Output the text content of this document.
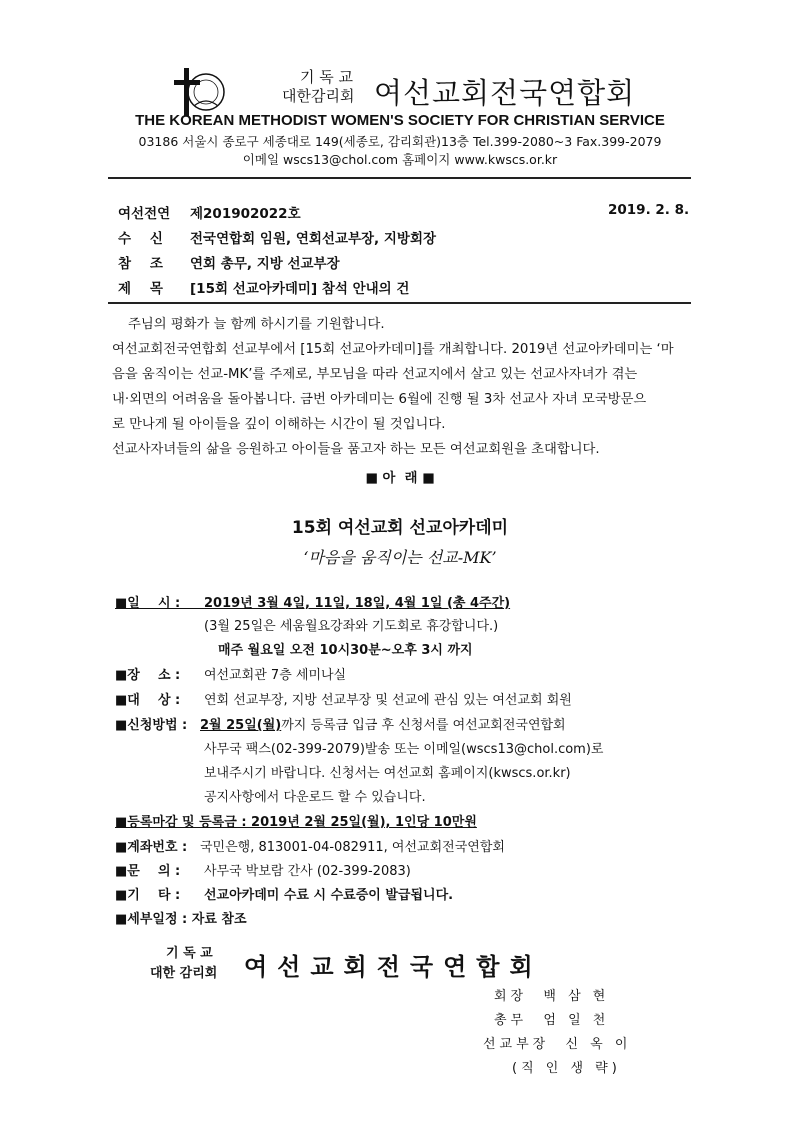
기 독 교
대한감리회 여선교회전국연합회
THE KOREAN METHODIST WOMEN'S SOCIETY FOR CHRISTIAN SERVICE
03186 서울시 종로구 세종대로 149(세종로, 감리회관)13층 Tel.399-2080~3 Fax.399-2079
이메일 wscs13@chol.com 홈페이지 www.kwscs.or.kr
여선전연 제201902022호	2019. 2. 8.
수    신 전국연합회 임원, 연회선교부장, 지방회장
참    조 연회 총무, 지방 선교부장
제    목 [15회 선교아카데미] 참석 안내의 건
주님의 평화가 늘 함께 하시기를 기원합니다.
여선교회전국연합회 선교부에서 [15회 선교아카데미]를 개최합니다. 2019년 선교아카데미는 ‘마
음을 움직이는 선교-MK’를 주제로, 부모님을 따라 선교지에서 살고 있는 선교사자녀가 겪는
내·외면의 어려움을 돌아봅니다. 금번 아카데미는 6월에 진행 될 3차 선교사 자녀 모국방문으
로 만나게 될 아이들을 깊이 이해하는 시간이 될 것입니다.
선교사자녀들의 삶을 응원하고 아이들을 품고자 하는 모든 여선교회원을 초대합니다.
■ 아  래 ■
15회 여선교회 선교아카데미
‘마음을 움직이는 선교-MK’
■일    시 : 2019년 3월 4일, 11일, 18일, 4월 1일 (총 4주간)
(3월 25일은 세움월요강좌와 기도회로 휴강합니다.)
매주 월요일 오전 10시30분~오후 3시 까지
■장    소 : 여선교회관 7층 세미나실
■대    상 : 연회 선교부장, 지방 선교부장 및 선교에 관심 있는 여선교회 회원
■신청방법 : 2월 25일(월)까지 등록금 입금 후 신청서를 여선교회전국연합회
사무국 팩스(02-399-2079)발송 또는 이메일(wscs13@chol.com)로
보내주시기 바랍니다. 신청서는 여선교회 홈페이지(kwscs.or.kr)
공지사항에서 다운로드 할 수 있습니다.
■등록마감 및 등록금 : 2019년 2월 25일(월), 1인당 10만원
■계좌번호 : 국민은행, 813001-04-082911, 여선교회전국연합회
■문    의 : 사무국 박보람 간사 (02-399-2083)
■기    타 : 선교아카데미 수료 시 수료증이 발급됩니다.
■세부일정 : 자료 참조
기 독 교
대한 감리회 여선교회전국연합회
회장  백 삼 현
총무  엄 일 천
선교부장  신 옥 이
(직 인 생 략)
